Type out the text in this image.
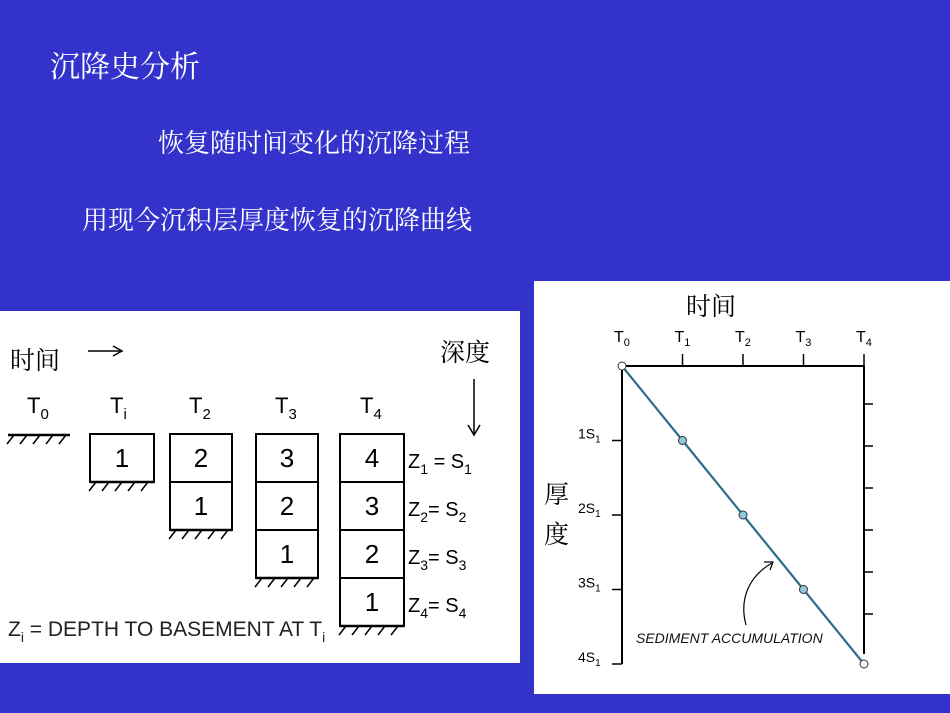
沉降史分析
恢复随时间变化的沉降过程
用现今沉积层厚度恢复的沉降曲线
时间	深度
$T_0$	$T_i$
1
$T_2$
2
1
$T_3$
3
2
1
$T_4$
4
3
2
1
$Z_1 = S_1$
$Z_2= S_2$
$Z_3= S_3$
$Z_4= S_4$
$Z_i$ = DEPTH TO BASEMENT AT $T_i$
时间
厚
度
$T_0$	$T_1$	$T_2$	$T_3$	$T_4$
$1S_1$
$2S_1$
$3S_1$
$4S_1$
SEDIMENT ACCUMULATION
